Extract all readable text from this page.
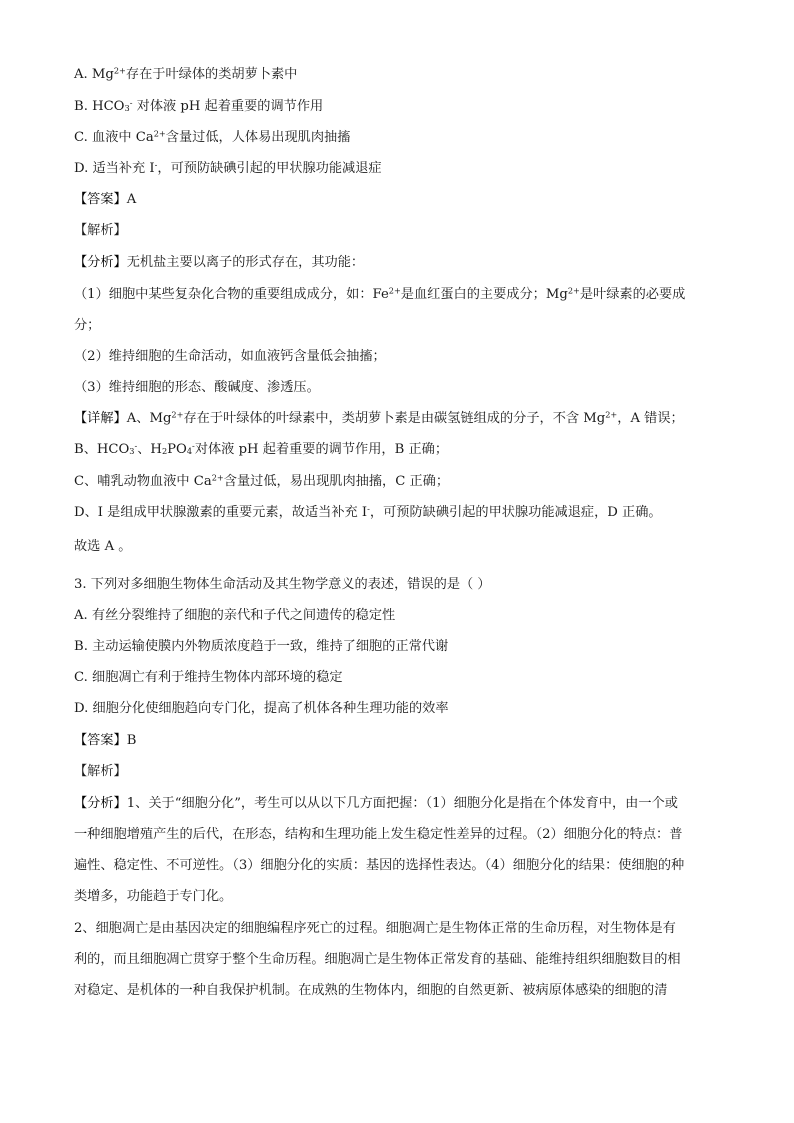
A. $Mg^{2+}$存在于叶绿体的类胡萝卜素中
B. $HCO_3^-$ 对体液 pH 起着重要的调节作用
C. 血液中 $Ca^{2+}$含量过低，人体易出现肌肉抽搐
D. 适当补充 I-，可预防缺碘引起的甲状腺功能减退症
【答案】A
【解析】
【分析】无机盐主要以离子的形式存在，其功能：
（1）细胞中某些复杂化合物的重要组成成分，如：$Fe^{2+}$是血红蛋白的主要成分；$Mg^{2+}$是叶绿素的必要成
分；
（2）维持细胞的生命活动，如血液钙含量低会抽搐；
（3）维持细胞的形态、酸碱度、渗透压。
【详解】A、$Mg^{2+}$存在于叶绿体的叶绿素中，类胡萝卜素是由碳氢链组成的分子，不含 $Mg^{2+}$，A 错误；
B、$HCO_3^-$、$H_2PO_4^-$对体液 pH 起着重要的调节作用，B 正确；
C、哺乳动物血液中 $Ca^{2+}$含量过低，易出现肌肉抽搐，C 正确；
D、I 是组成甲状腺激素的重要元素，故适当补充 I-，可预防缺碘引起的甲状腺功能减退症，D 正确。
故选 A 。
3. 下列对多细胞生物体生命活动及其生物学意义的表述，错误的是（ ）
A. 有丝分裂维持了细胞的亲代和子代之间遗传的稳定性
B. 主动运输使膜内外物质浓度趋于一致，维持了细胞的正常代谢
C. 细胞凋亡有利于维持生物体内部环境的稳定
D. 细胞分化使细胞趋向专门化，提高了机体各种生理功能的效率
【答案】B
【解析】
【分析】1、关于“细胞分化”，考生可以从以下几方面把握：（1）细胞分化是指在个体发育中，由一个或
一种细胞增殖产生的后代，在形态，结构和生理功能上发生稳定性差异的过程。（2）细胞分化的特点：普
遍性、稳定性、不可逆性。（3）细胞分化的实质：基因的选择性表达。（4）细胞分化的结果：使细胞的种
类增多，功能趋于专门化。
2、细胞凋亡是由基因决定的细胞编程序死亡的过程。细胞凋亡是生物体正常的生命历程，对生物体是有
利的，而且细胞凋亡贯穿于整个生命历程。细胞凋亡是生物体正常发育的基础、能维持组织细胞数目的相
对稳定、是机体的一种自我保护机制。在成熟的生物体内，细胞的自然更新、被病原体感染的细胞的清
